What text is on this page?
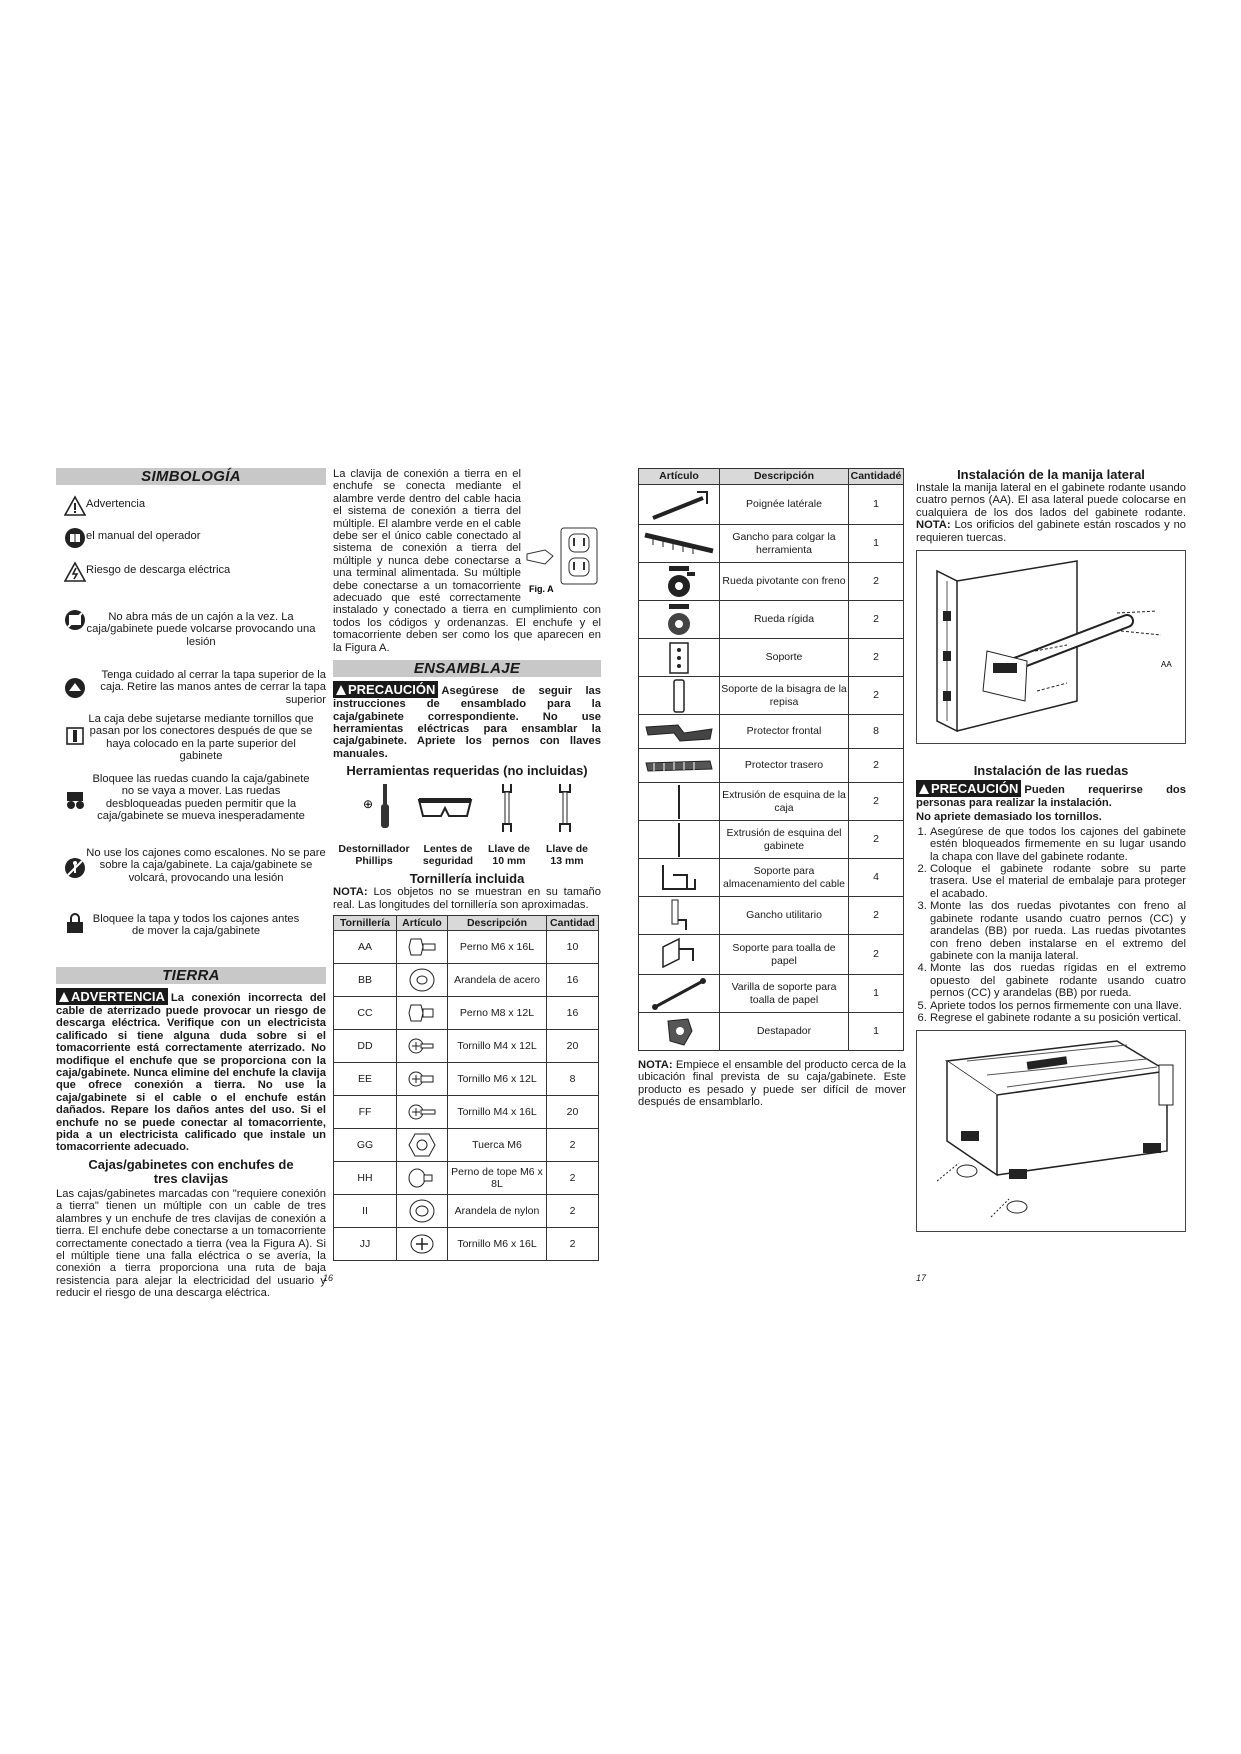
SIMBOLOGÍA
Advertencia
el manual del operador
Riesgo de descarga eléctrica
No abra más de un cajón a la vez. La caja/gabinete puede volcarse provocando una lesión
Tenga cuidado al cerrar la tapa superior de la caja. Retire las manos antes de cerrar la tapa superior
La caja debe sujetarse mediante tornillos que pasan por los conectores después de que se haya colocado en la parte superior del gabinete
Bloquee las ruedas cuando la caja/gabinete no se vaya a mover. Las ruedas desbloqueadas pueden permitir que la caja/gabinete se mueva inesperadamente
No use los cajones como escalones. No se pare sobre la caja/gabinete. La caja/gabinete se volcará, provocando una lesión
Bloquee la tapa y todos los cajones antes de mover la caja/gabinete
TIERRA
ADVERTENCIA La conexión incorrecta del cable de aterrizado puede provocar un riesgo de descarga eléctrica. Verifique con un electricista calificado si tiene alguna duda sobre si el tomacorriente está correctamente aterrizado. No modifique el enchufe que se proporciona con la caja/gabinete. Nunca elimine del enchufe la clavija que ofrece conexión a tierra. No use la caja/gabinete si el cable o el enchufe están dañados. Repare los daños antes del uso. Si el enchufe no se puede conectar al tomacorriente, pida a un electricista calificado que instale un tomacorriente adecuado.
Cajas/gabinetes con enchufes de tres clavijas
Las cajas/gabinetes marcadas con "requiere conexión a tierra" tienen un múltiple con un cable de tres alambres y un enchufe de tres clavijas de conexión a tierra. El enchufe debe conectarse a un tomacorriente correctamente conectado a tierra (vea la Figura A). Si el múltiple tiene una falla eléctrica o se avería, la conexión a tierra proporciona una ruta de baja resistencia para alejar la electricidad del usuario y reducir el riesgo de una descarga eléctrica.
Fig. A
La clavija de conexión a tierra en el enchufe se conecta mediante el alambre verde dentro del cable hacia el sistema de conexión a tierra del múltiple. El alambre verde en el cable debe ser el único cable conectado al sistema de conexión a tierra del múltiple y nunca debe conectarse a una terminal alimentada. Su múltiple debe conectarse a un tomacorriente adecuado que esté correctamente instalado y conectado a tierra en cumplimiento con todos los códigos y ordenanzas. El enchufe y el tomacorriente deben ser como los que aparecen en la Figura A.
ENSAMBLAJE
PRECAUCIÓN Asegúrese de seguir las instrucciones de ensamblado para la caja/gabinete correspondiente. No use herramientas eléctricas para ensamblar la caja/gabinete. Apriete los pernos con llaves manuales.
Herramientas requeridas (no incluidas)
⊕
Destornillador Phillips
Lentes de seguridad
Llave de 10 mm
Llave de 13 mm
Tornillería incluida
NOTA: Los objetos no se muestran en su tamaño real. Las longitudes del tornillería son aproximadas.
Tornillería	Artículo	Descripción	Cantidad
AA		Perno M6 x 16L	10
BB		Arandela de acero	16
CC		Perno M8 x 12L	16
DD		Tornillo M4 x 12L	20
EE		Tornillo M6 x 12L	8
FF		Tornillo M4 x 16L	20
GG		Tuerca M6	2
HH		Perno de tope M6 x 8L	2
II		Arandela de nylon	2
JJ		Tornillo M6 x 16L	2
16
Artículo	Descripción	Cantidadé

	Poignée latérale	1

	Gancho para colgar la herramienta	1

	Rueda pivotante con freno	2

	Rueda rígida	2

	Soporte	2

	Soporte de la bisagra de la repisa	2

	Protector frontal	8

	Protector trasero	2

	Extrusión de esquina de la caja	2

	Extrusión de esquina del gabinete	2

	Soporte para almacenamiento del cable	4

	Gancho utilitario	2

	Soporte para toalla de papel	2

	Varilla de soporte para toalla de papel	1

	Destapador	1
NOTA: Empiece el ensamble del producto cerca de la ubicación final prevista de su caja/gabinete. Este producto es pesado y puede ser difícil de mover después de ensamblarlo.
Instalación de la manija lateral
Instale la manija lateral en el gabinete rodante usando cuatro pernos (AA). El asa lateral puede colocarse en cualquiera de los dos lados del gabinete rodante. NOTA: Los orificios del gabinete están roscados y no requieren tuercas.
AA
Instalación de las ruedas
PRECAUCIÓN Pueden requerirse dos personas para realizar la instalación.
No apriete demasiado los tornillos.
1. Asegúrese de que todos los cajones del gabinete estén bloqueados firmemente en su lugar usando la chapa con llave del gabinete rodante.
2. Coloque el gabinete rodante sobre su parte trasera. Use el material de embalaje para proteger el acabado.
3. Monte las dos ruedas pivotantes con freno al gabinete rodante usando cuatro pernos (CC) y arandelas (BB) por rueda. Las ruedas pivotantes con freno deben instalarse en el extremo del gabinete con la manija lateral.
4. Monte las dos ruedas rígidas en el extremo opuesto del gabinete rodante usando cuatro pernos (CC) y arandelas (BB) por rueda.
5. Apriete todos los pernos firmemente con una llave.
6. Regrese el gabinete rodante a su posición vertical.
17
